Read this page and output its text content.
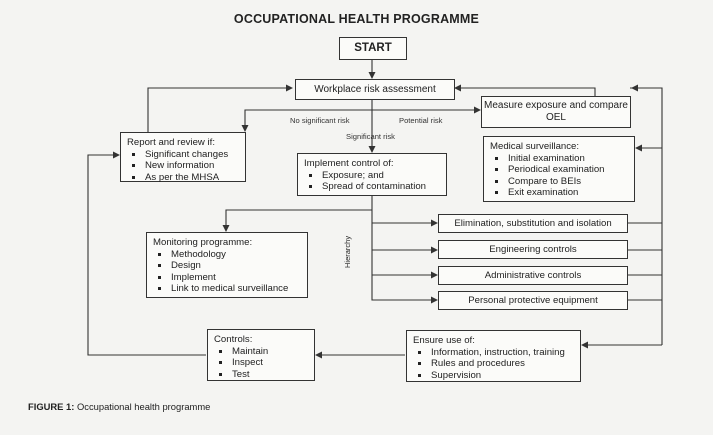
OCCUPATIONAL HEALTH PROGRAMME
START
Workplace risk assessment
Measure exposure and compare OEL
No significant risk	Potential risk
Significant risk
Report and review if:
Significant changes
New information
As per the MHSA
Implement control of:
Exposure; and
Spread of contamination
Medical surveillance:
Initial examination
Periodical examination
Compare to BEIs
Exit examination
Monitoring programme:
Methodology
Design
Implement
Link to medical surveillance
Hierarchy
Elimination, substitution and isolation
Engineering controls
Administrative controls
Personal protective equipment
Controls:
Maintain
Inspect
Test
Ensure use of:
Information, instruction, training
Rules and procedures
Supervision
FIGURE 1: Occupational health programme
